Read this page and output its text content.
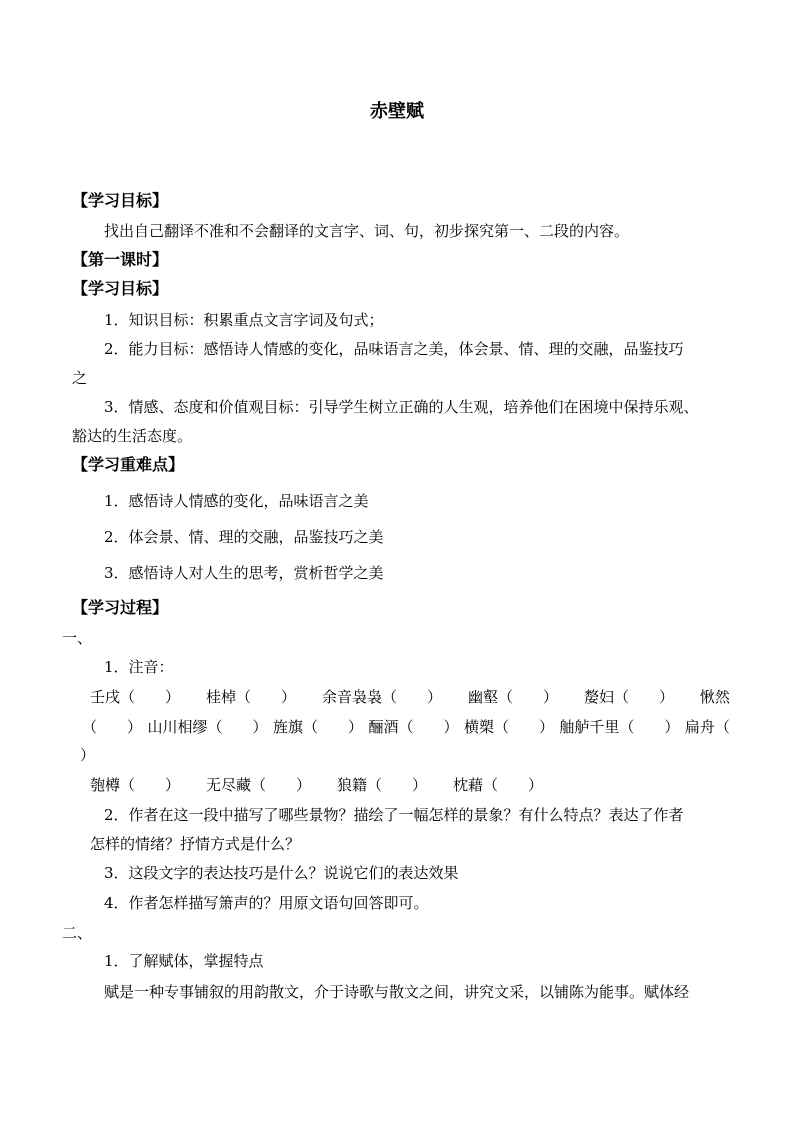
赤壁赋
【学习目标】
找出自己翻译不准和不会翻译的文言字、词、句，初步探究第一、二段的内容。
【第一课时】
【学习目标】
1．知识目标：积累重点文言字词及句式；
2．能力目标：感悟诗人情感的变化，品味语言之美，体会景、情、理的交融，品鉴技巧
之
3．情感、态度和价值观目标：引导学生树立正确的人生观，培养他们在困境中保持乐观、
豁达的生活态度。
【学习重难点】
1．感悟诗人情感的变化，品味语言之美
2．体会景、情、理的交融，品鉴技巧之美
3．感悟诗人对人生的思考，赏析哲学之美
【学习过程】
一、
1．注音：
壬戌（　　） 桂棹（　　） 余音袅袅（　　） 幽壑（　　） 嫠妇（　　） 愀然
（　　） 山川相缪（　　） 旌旗（　　） 酾酒（　　） 横槊（　　） 舳舻千里（　　） 扁舟（
）
匏樽（　　） 无尽藏（　　） 狼籍（　　） 枕藉（　　）
2．作者在这一段中描写了哪些景物？描绘了一幅怎样的景象？有什么特点？表达了作者
怎样的情绪？抒情方式是什么？
3．这段文字的表达技巧是什么？说说它们的表达效果
4．作者怎样描写箫声的？用原文语句回答即可。
二、
1．了解赋体，掌握特点
赋是一种专事铺叙的用韵散文，介于诗歌与散文之间，讲究文采，以铺陈为能事。赋体经
